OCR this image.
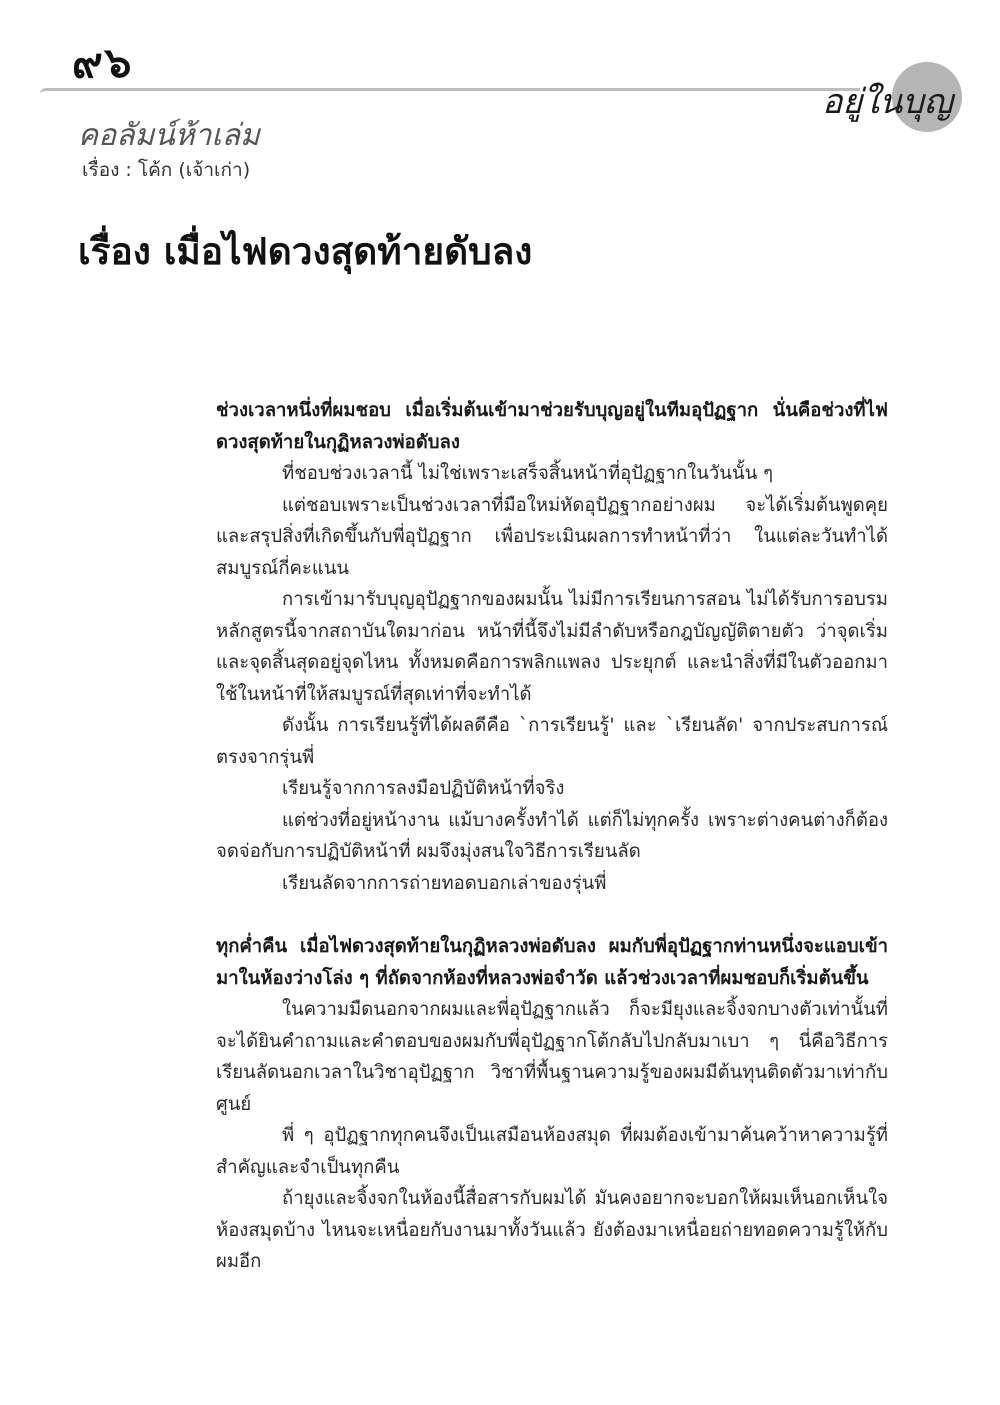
๙๖
อยู่ในบุญ
คอลัมน์ห้าเล่ม
เรื่อง : โค้ก (เจ้าเก่า)
เรื่อง เมื่อไฟดวงสุดท้ายดับลง

ช่วงเวลาหนึ่งที่ผมชอบ เมื่อเริ่มต้นเข้ามาช่วยรับบุญอยู่ในทีมอุปัฏฐาก นั่นคือช่วงที่ไฟดวงสุดท้ายในกุฏิหลวงพ่อดับลง

ที่ชอบช่วงเวลานี้ ไม่ใช่เพราะเสร็จสิ้นหน้าที่อุปัฏฐากในวันนั้น ๆ

แต่ชอบเพราะเป็นช่วงเวลาที่มือใหม่หัดอุปัฏฐากอย่างผม จะได้เริ่มต้นพูดคุยและสรุปสิ่งที่เกิดขึ้นกับพี่อุปัฏฐาก เพื่อประเมินผลการทำหน้าที่ว่า ในแต่ละวันทำได้สมบูรณ์กี่คะแนน

การเข้ามารับบุญอุปัฏฐากของผมนั้น ไม่มีการเรียนการสอน ไม่ได้รับการอบรมหลักสูตรนี้จากสถาบันใดมาก่อน หน้าที่นี้จึงไม่มีลำดับหรือกฎบัญญัติตายตัว ว่าจุดเริ่มและจุดสิ้นสุดอยู่จุดไหน ทั้งหมดคือการพลิกแพลง ประยุกต์ และนำสิ่งที่มีในตัวออกมาใช้ในหน้าที่ให้สมบูรณ์ที่สุดเท่าที่จะทำได้

ดังนั้น การเรียนรู้ที่ได้ผลดีคือ `การเรียนรู้' และ `เรียนลัด' จากประสบการณ์ตรงจากรุ่นพี่

เรียนรู้จากการลงมือปฏิบัติหน้าที่จริง

แต่ช่วงที่อยู่หน้างาน แม้บางครั้งทำได้ แต่ก็ไม่ทุกครั้ง เพราะต่างคนต่างก็ต้องจดจ่อกับการปฏิบัติหน้าที่ ผมจึงมุ่งสนใจวิธีการเรียนลัด

เรียนลัดจากการถ่ายทอดบอกเล่าของรุ่นพี่

ทุกค่ำคืน เมื่อไฟดวงสุดท้ายในกุฏิหลวงพ่อดับลง ผมกับพี่อุปัฏฐากท่านหนึ่งจะแอบเข้ามาในห้องว่างโล่ง ๆ ที่ถัดจากห้องที่หลวงพ่อจำวัด แล้วช่วงเวลาที่ผมชอบก็เริ่มต้นขึ้น

ในความมืดนอกจากผมและพี่อุปัฏฐากแล้ว ก็จะมียุงและจิ้งจกบางตัวเท่านั้นที่จะได้ยินคำถามและคำตอบของผมกับพี่อุปัฏฐากโต้กลับไปกลับมาเบา ๆ นี่คือวิธีการเรียนลัดนอกเวลาในวิชาอุปัฏฐาก วิชาที่พื้นฐานความรู้ของผมมีต้นทุนติดตัวมาเท่ากับศูนย์

พี่ ๆ อุปัฏฐากทุกคนจึงเป็นเสมือนห้องสมุด ที่ผมต้องเข้ามาค้นคว้าหาความรู้ที่สำคัญและจำเป็นทุกคืน

ถ้ายุงและจิ้งจกในห้องนี้สื่อสารกับผมได้ มันคงอยากจะบอกให้ผมเห็นอกเห็นใจห้องสมุดบ้าง ไหนจะเหนื่อยกับงานมาทั้งวันแล้ว ยังต้องมาเหนื่อยถ่ายทอดความรู้ให้กับผมอีก
